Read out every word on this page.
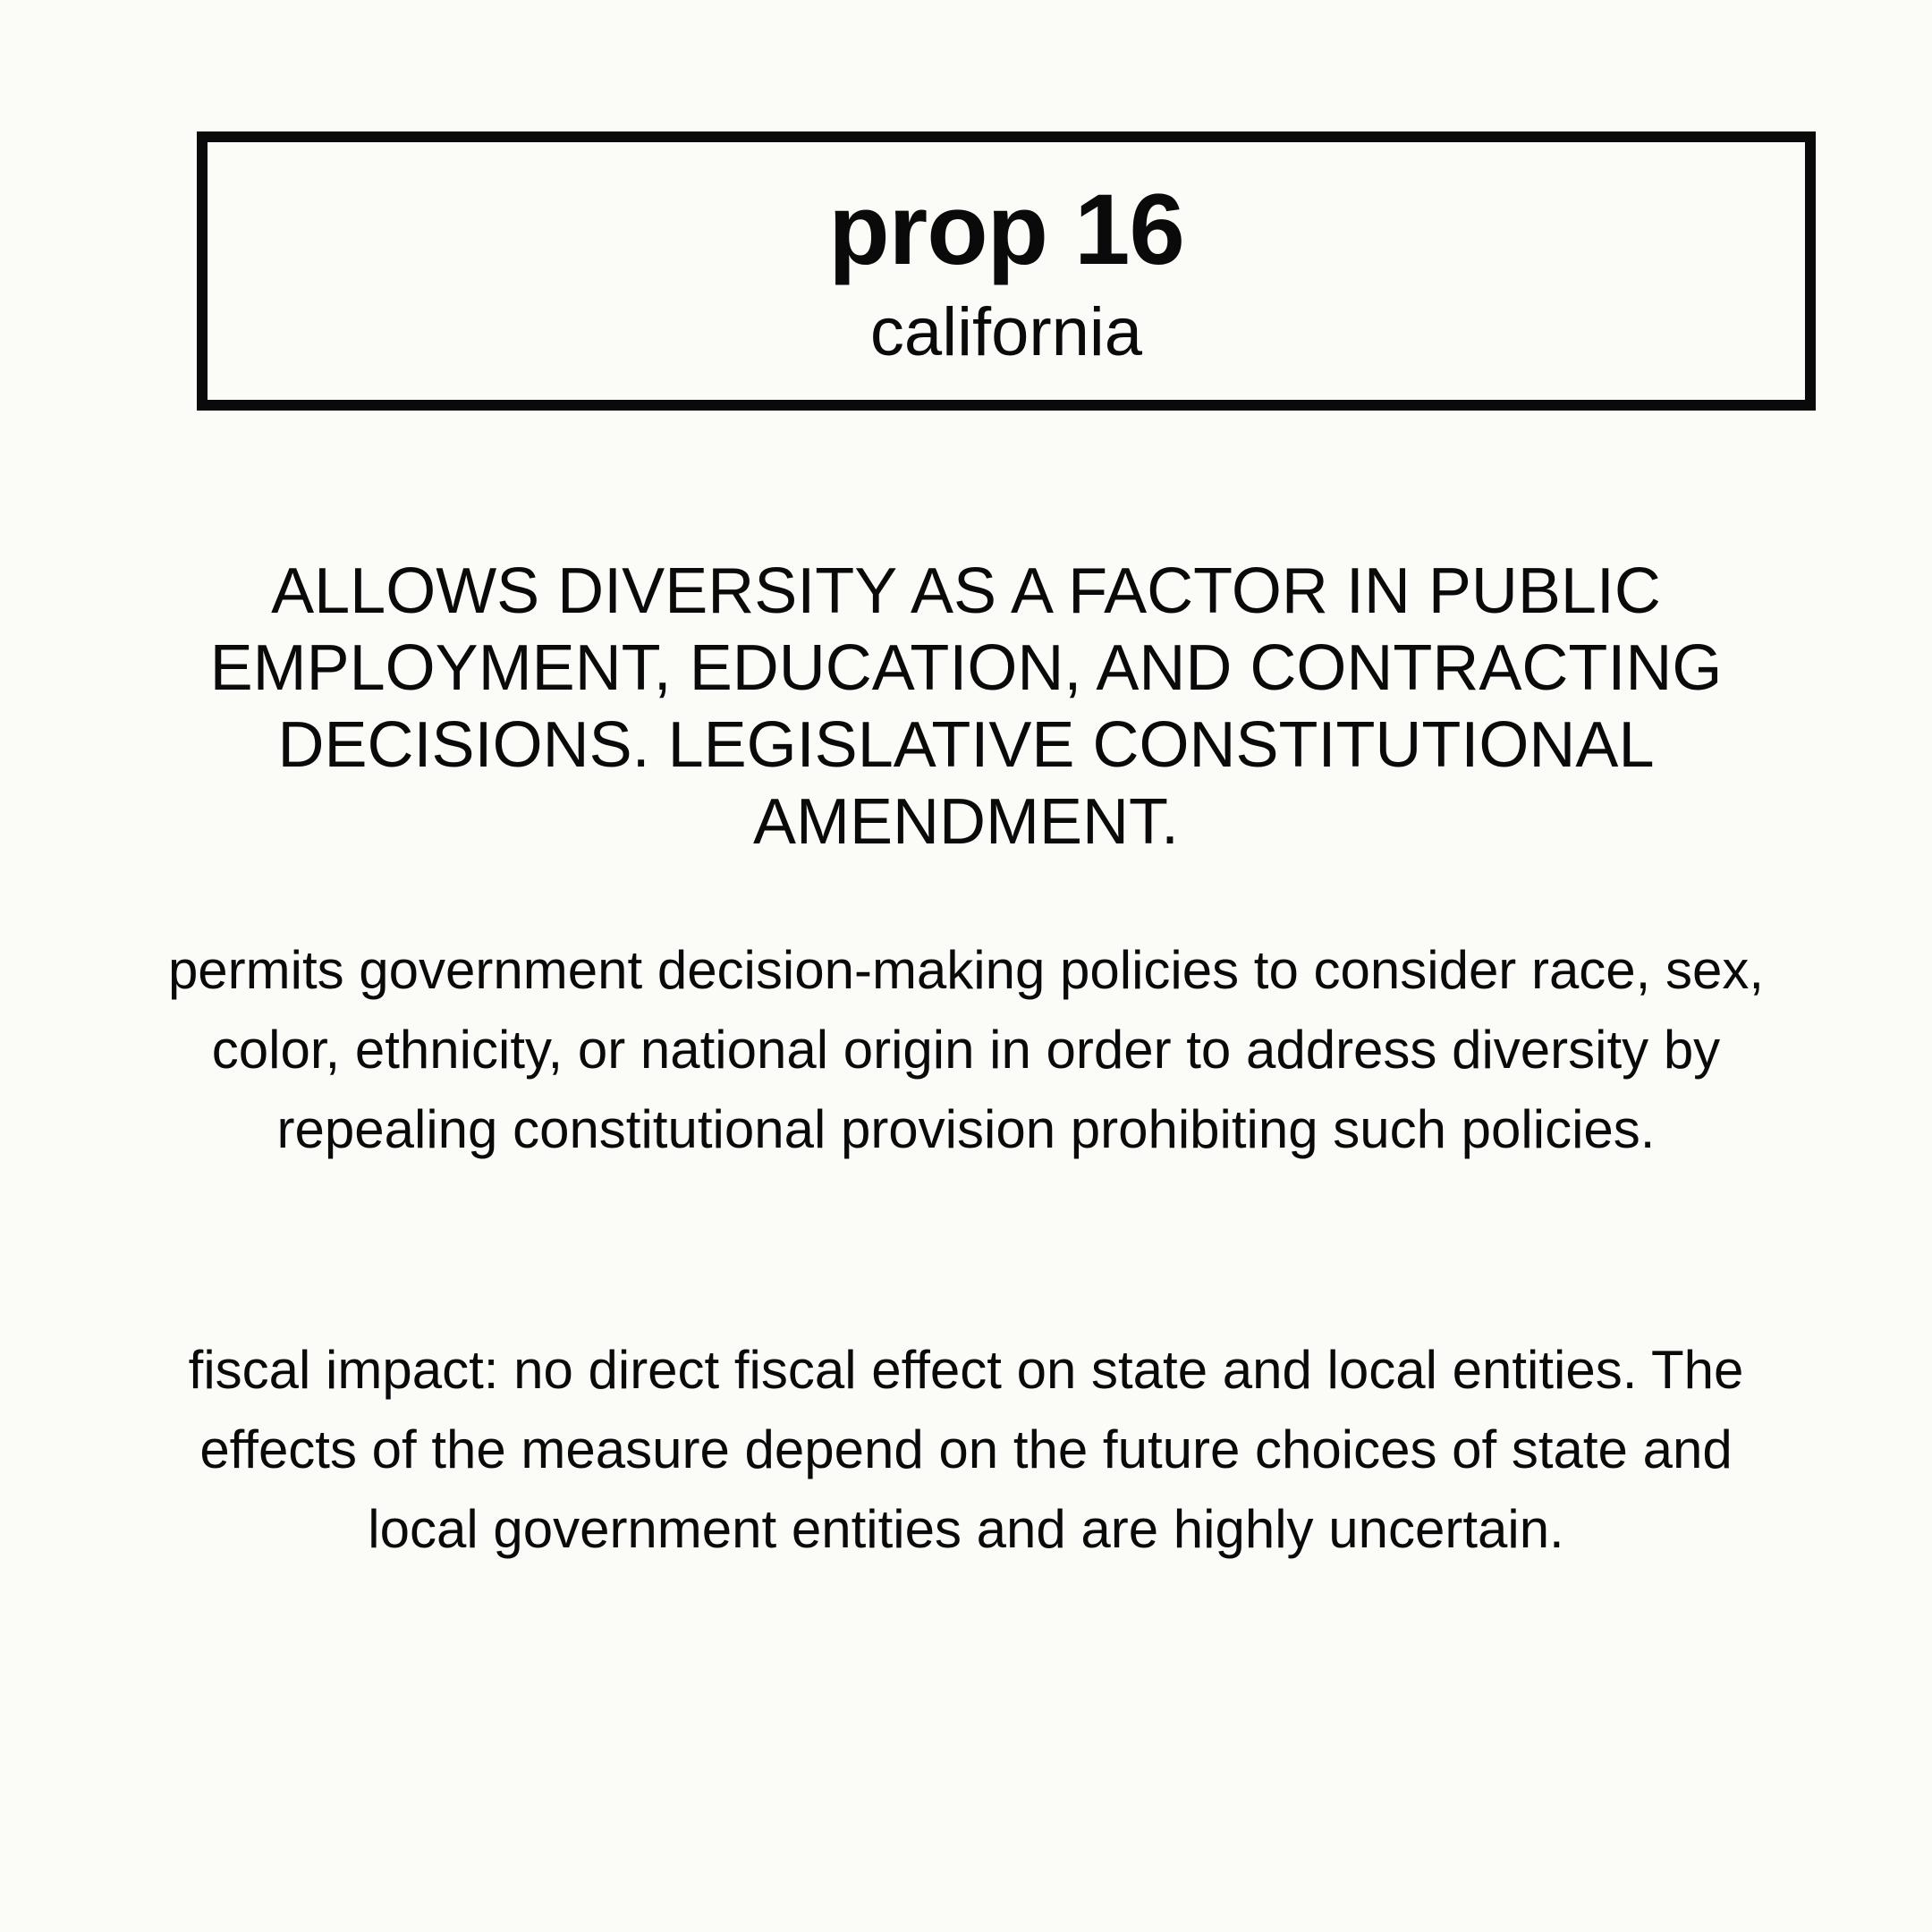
prop 16
california
ALLOWS DIVERSITY AS A FACTOR IN PUBLIC EMPLOYMENT, EDUCATION, AND CONTRACTING DECISIONS. LEGISLATIVE CONSTITUTIONAL AMENDMENT.
permits government decision-making policies to consider race, sex, color, ethnicity, or national origin in order to address diversity by repealing constitutional provision prohibiting such policies.
fiscal impact: no direct fiscal effect on state and local entities. The effects of the measure depend on the future choices of state and local government entities and are highly uncertain.
